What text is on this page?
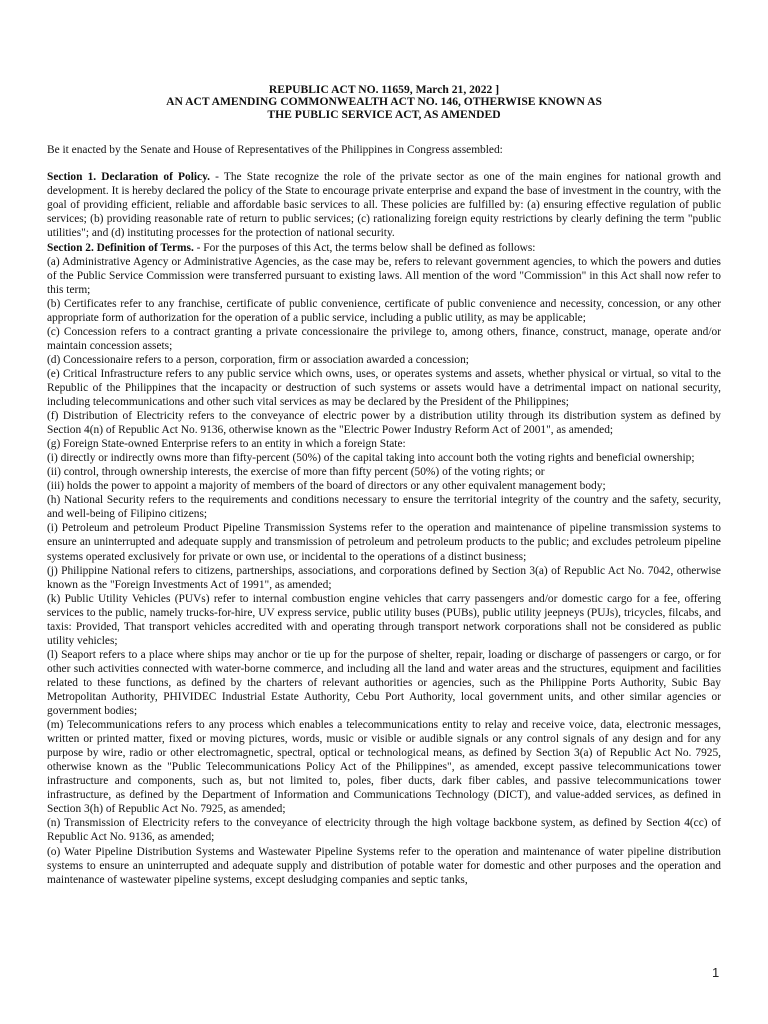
REPUBLIC ACT NO. 11659, March 21, 2022 ]
AN ACT AMENDING COMMONWEALTH ACT NO. 146, OTHERWISE KNOWN AS
THE PUBLIC SERVICE ACT, AS AMENDED

Be it enacted by the Senate and House of Representatives of the Philippines in Congress assembled:

Section 1. Declaration of Policy. - The State recognize the role of the private sector as one of the main engines for national growth and development. It is hereby declared the policy of the State to encourage private enterprise and expand the base of investment in the country, with the goal of providing efficient, reliable and affordable basic services to all. These policies are fulfilled by: (a) ensuring effective regulation of public services; (b) providing reasonable rate of return to public services; (c) rationalizing foreign equity restrictions by clearly defining the term "public utilities"; and (d) instituting processes for the protection of national security.

Section 2. Definition of Terms. - For the purposes of this Act, the terms below shall be defined as follows:

(a) Administrative Agency or Administrative Agencies, as the case may be, refers to relevant government agencies, to which the powers and duties of the Public Service Commission were transferred pursuant to existing laws. All mention of the word "Commission" in this Act shall now refer to this term;

(b) Certificates refer to any franchise, certificate of public convenience, certificate of public convenience and necessity, concession, or any other appropriate form of authorization for the operation of a public service, including a public utility, as may be applicable;

(c) Concession refers to a contract granting a private concessionaire the privilege to, among others, finance, construct, manage, operate and/or maintain concession assets;

(d) Concessionaire refers to a person, corporation, firm or association awarded a concession;

(e) Critical Infrastructure refers to any public service which owns, uses, or operates systems and assets, whether physical or virtual, so vital to the Republic of the Philippines that the incapacity or destruction of such systems or assets would have a detrimental impact on national security, including telecommunications and other such vital services as may be declared by the President of the Philippines;

(f) Distribution of Electricity refers to the conveyance of electric power by a distribution utility through its distribution system as defined by Section 4(n) of Republic Act No. 9136, otherwise known as the "Electric Power Industry Reform Act of 2001", as amended;

(g) Foreign State-owned Enterprise refers to an entity in which a foreign State:

(i) directly or indirectly owns more than fifty-percent (50%) of the capital taking into account both the voting rights and beneficial ownership;

(ii) control, through ownership interests, the exercise of more than fifty percent (50%) of the voting rights; or

(iii) holds the power to appoint a majority of members of the board of directors or any other equivalent management body;

(h) National Security refers to the requirements and conditions necessary to ensure the territorial integrity of the country and the safety, security, and well-being of Filipino citizens;

(i) Petroleum and petroleum Product Pipeline Transmission Systems refer to the operation and maintenance of pipeline transmission systems to ensure an uninterrupted and adequate supply and transmission of petroleum and petroleum products to the public; and excludes petroleum pipeline systems operated exclusively for private or own use, or incidental to the operations of a distinct business;

(j) Philippine National refers to citizens, partnerships, associations, and corporations defined by Section 3(a) of Republic Act No. 7042, otherwise known as the "Foreign Investments Act of 1991", as amended;

(k) Public Utility Vehicles (PUVs) refer to internal combustion engine vehicles that carry passengers and/or domestic cargo for a fee, offering services to the public, namely trucks-for-hire, UV express service, public utility buses (PUBs), public utility jeepneys (PUJs), tricycles, filcabs, and taxis: Provided, That transport vehicles accredited with and operating through transport network corporations shall not be considered as public utility vehicles;

(l) Seaport refers to a place where ships may anchor or tie up for the purpose of shelter, repair, loading or discharge of passengers or cargo, or for other such activities connected with water-borne commerce, and including all the land and water areas and the structures, equipment and facilities related to these functions, as defined by the charters of relevant authorities or agencies, such as the Philippine Ports Authority, Subic Bay Metropolitan Authority, PHIVIDEC Industrial Estate Authority, Cebu Port Authority, local government units, and other similar agencies or government bodies;

(m) Telecommunications refers to any process which enables a telecommunications entity to relay and receive voice, data, electronic messages, written or printed matter, fixed or moving pictures, words, music or visible or audible signals or any control signals of any design and for any purpose by wire, radio or other electromagnetic, spectral, optical or technological means, as defined by Section 3(a) of Republic Act No. 7925, otherwise known as the "Public Telecommunications Policy Act of the Philippines", as amended, except passive telecommunications tower infrastructure and components, such as, but not limited to, poles, fiber ducts, dark fiber cables, and passive telecommunications tower infrastructure, as defined by the Department of Information and Communications Technology (DICT), and value-added services, as defined in Section 3(h) of Republic Act No. 7925, as amended;

(n) Transmission of Electricity refers to the conveyance of electricity through the high voltage backbone system, as defined by Section 4(cc) of Republic Act No. 9136, as amended;

(o) Water Pipeline Distribution Systems and Wastewater Pipeline Systems refer to the operation and maintenance of water pipeline distribution systems to ensure an uninterrupted and adequate supply and distribution of potable water for domestic and other purposes and the operation and maintenance of wastewater pipeline systems, except desludging companies and septic tanks,

1
